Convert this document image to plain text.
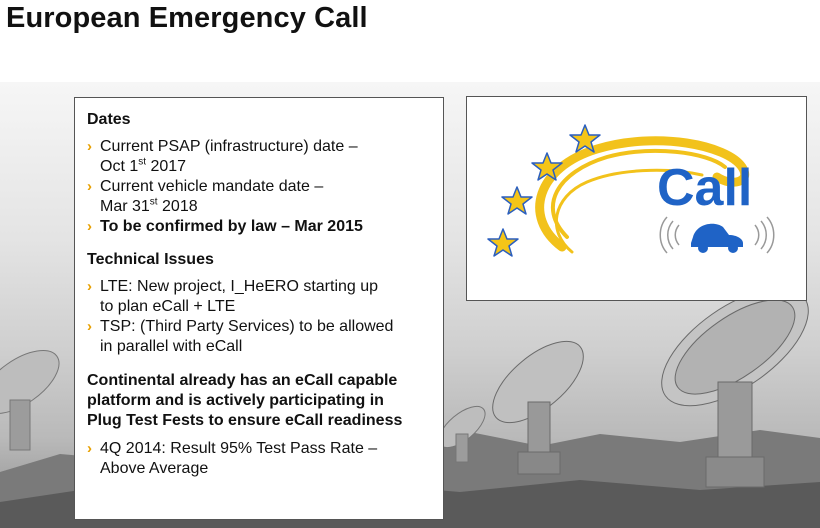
European Emergency Call
Dates
› Current PSAP (infrastructure) date –
Oct 1st 2017
› Current vehicle mandate date –
Mar 31st 2018
› To be confirmed by law – Mar 2015
Technical Issues
› LTE: New project, I_HeERO starting up
to plan eCall + LTE
› TSP: (Third Party Services) to be allowed
in parallel with eCall
Continental already has an eCall capable
platform and is actively participating in
Plug Test Fests to ensure eCall readiness
› 4Q 2014: Result 95% Test Pass Rate –
Above Average
Call
